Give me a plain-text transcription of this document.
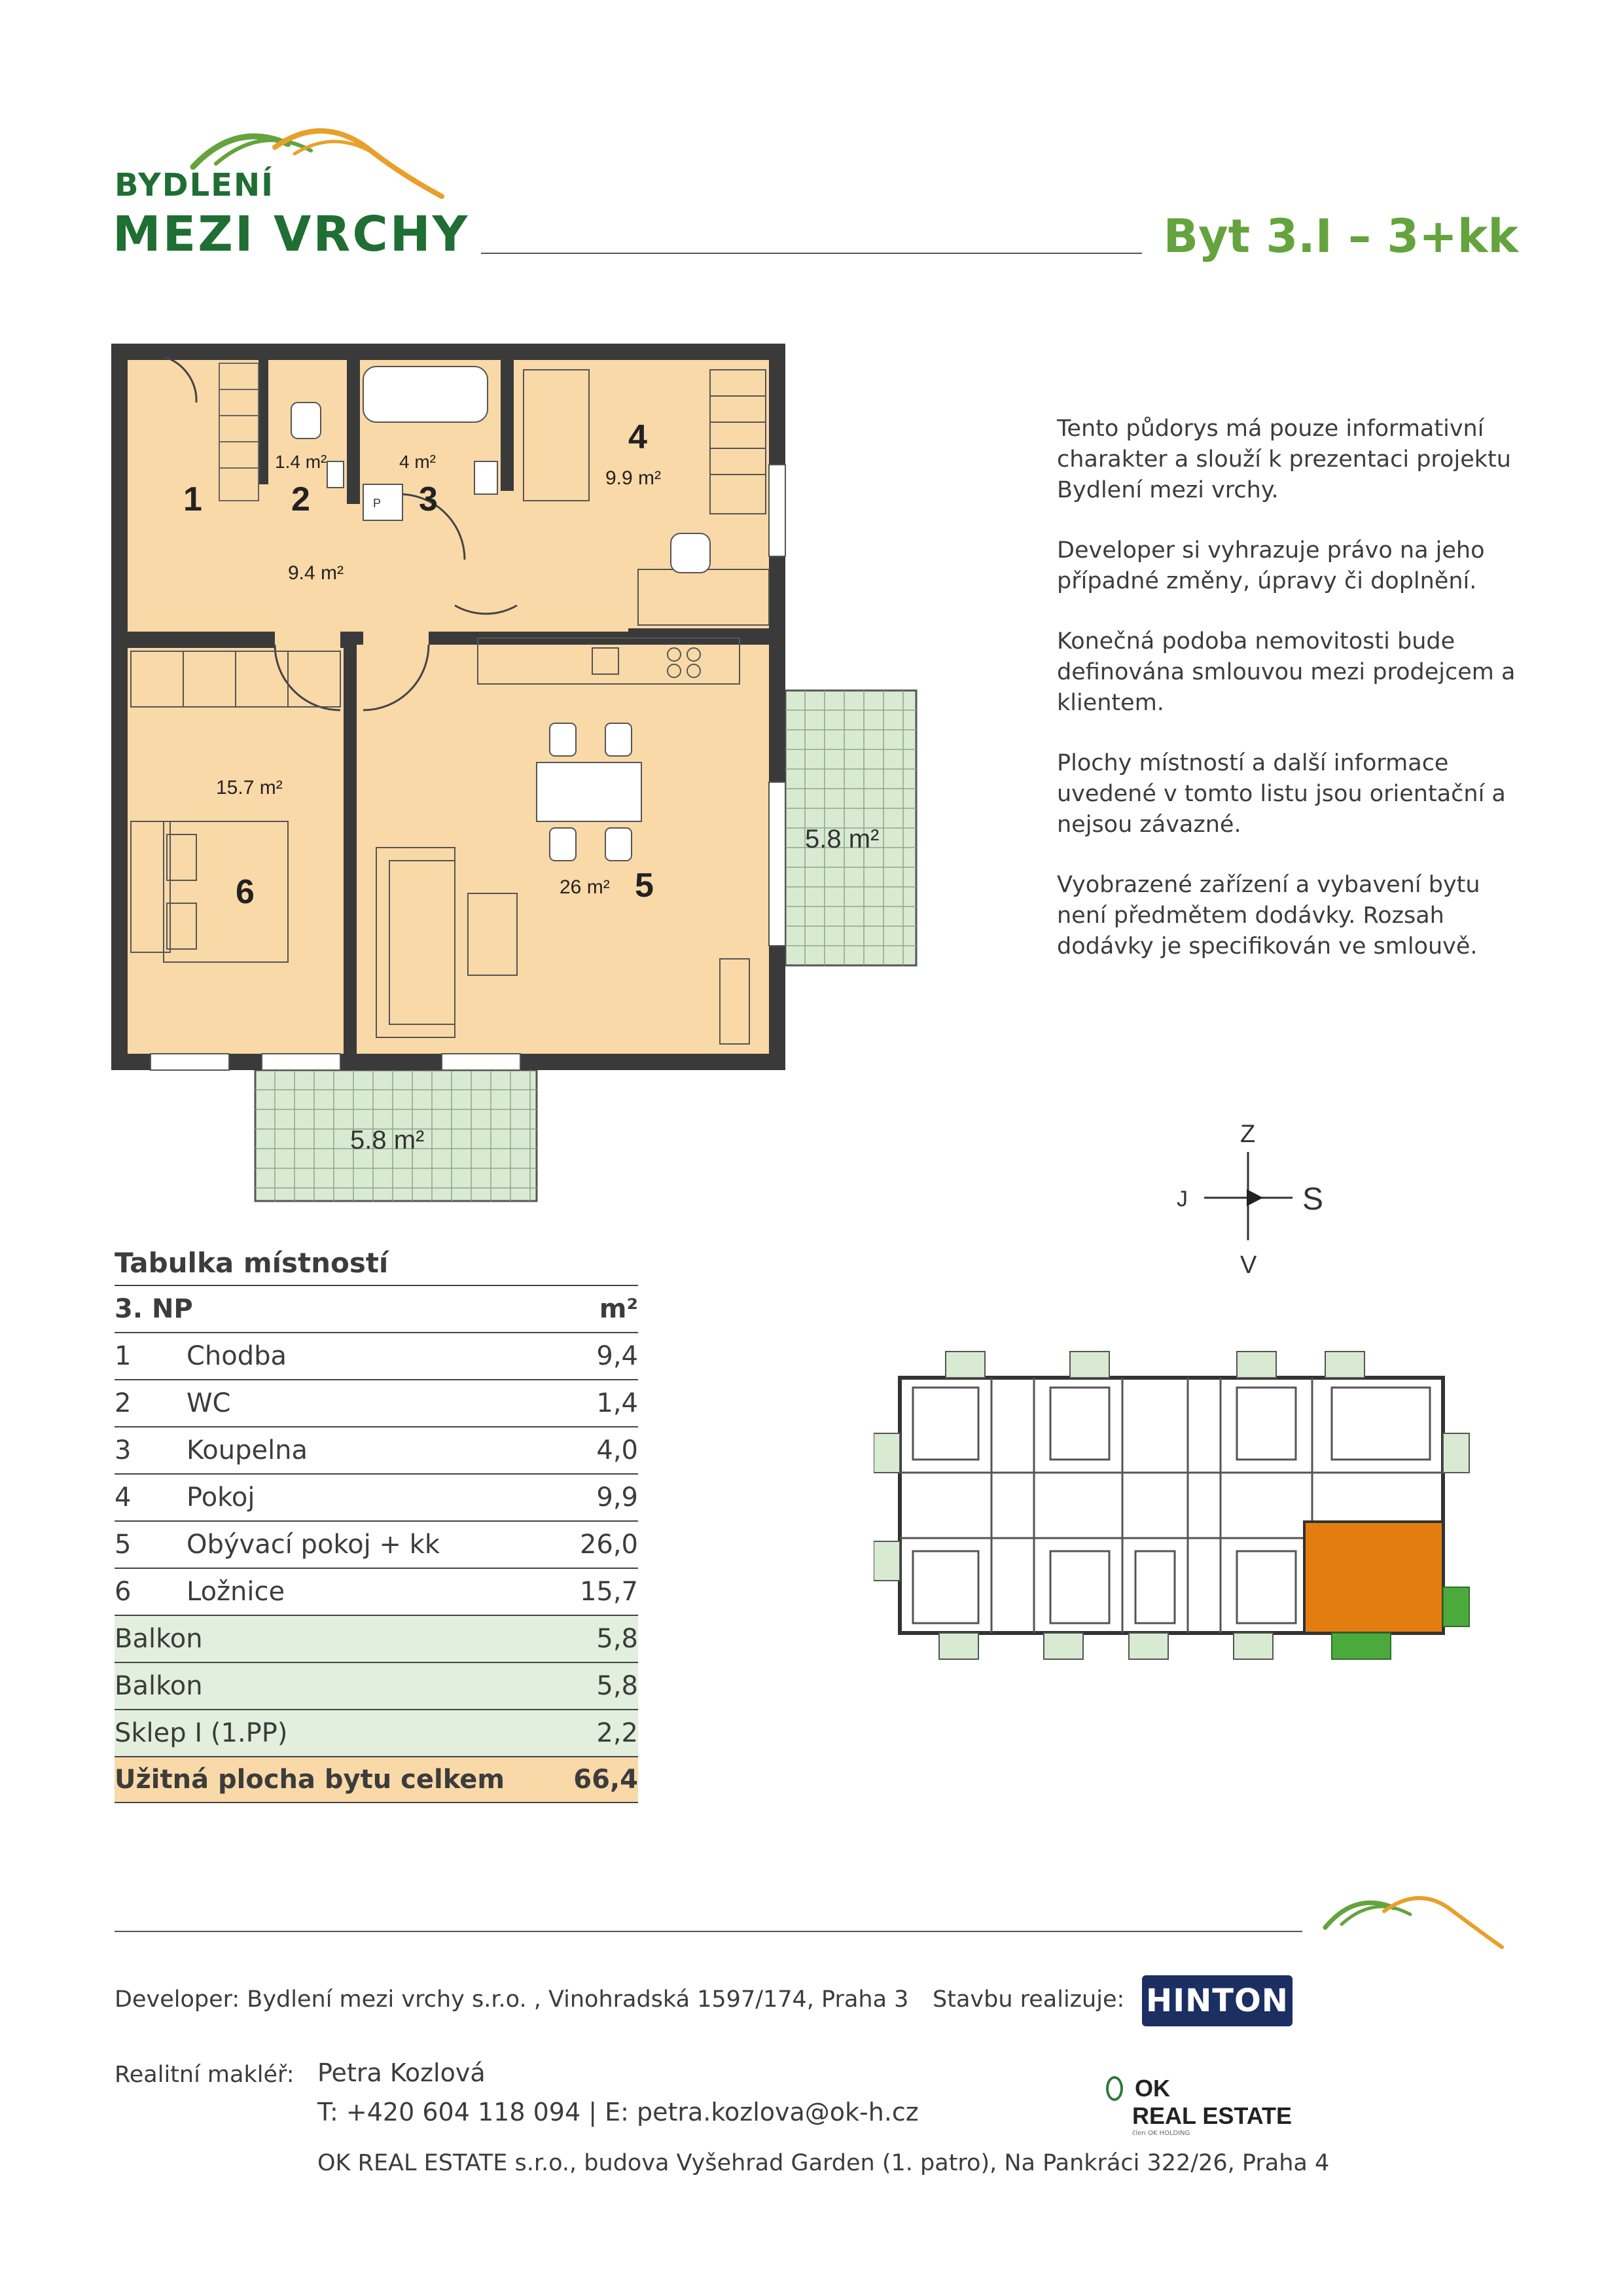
BYDLENÍ
MEZI VRCHY	Byt 3.I – 3+kk
P
1
9.4 m²
2
1.4 m²
3
4 m²
4
9.9 m²
5
26 m²
6
15.7 m²
5.8 m²
5.8 m²

Tento půdorys má pouze informativní charakter a slouží k prezentaci projektu Bydlení mezi vrchy.

Developer si vyhrazuje právo na jeho případné změny, úpravy či doplnění.

Konečná podoba nemovitosti bude definována smlouvou mezi prodejcem a klientem.

Plochy místností a další informace uvedené v tomto listu jsou orientační a nejsou závazné.

Vyobrazené zařízení a vybavení bytu není předmětem dodávky. Rozsah dodávky je specifikován ve smlouvě.

Z
V
J	S
Tabulka místností
3. NP	m²
1	Chodba	9,4
2	WC	1,4
3	Koupelna	4,0
4	Pokoj	9,9
5	Obývací pokoj + kk	26,0
6	Ložnice	15,7
Balkon	5,8
Balkon	5,8
Sklep I (1.PP)	2,2
Užitná plocha bytu celkem	66,4
Developer: Bydlení mezi vrchy s.r.o. , Vinohradská 1597/174, Praha 3 Stavbu realizuje: HINTON
Realitní makléř: Petra Kozlová
T: +420 604 118 094 | E: petra.kozlova@ok-h.cz
OK REAL ESTATE s.r.o., budova Vyšehrad Garden (1. patro), Na Pankráci 322/26, Praha 4
OK
REAL ESTATE
člen OK HOLDING
